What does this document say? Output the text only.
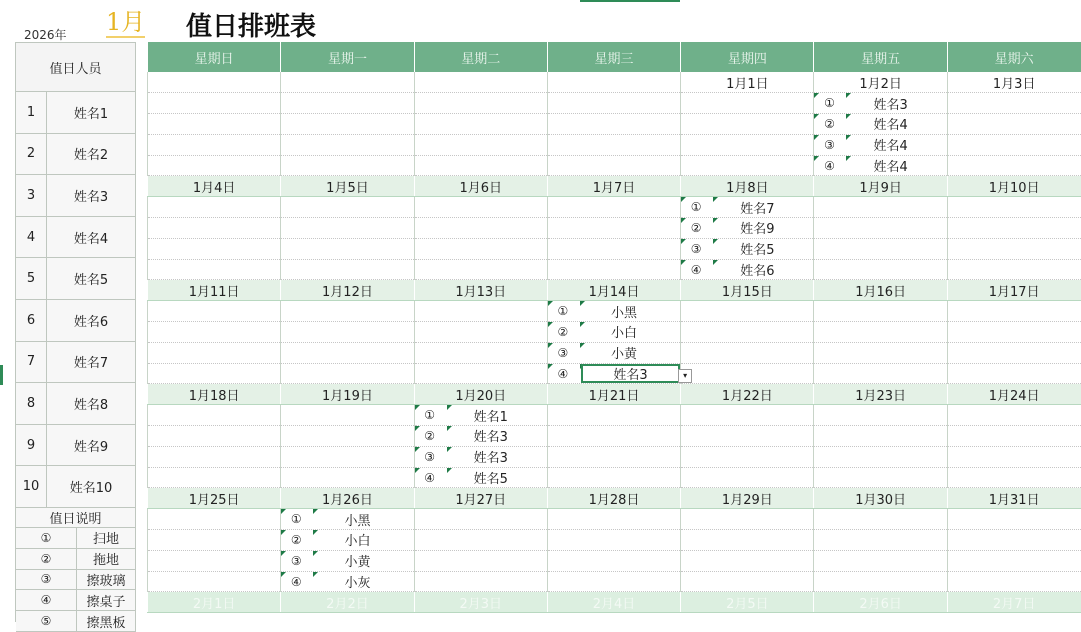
2026年 1月 值日排班表
值日人员
1	姓名1
2	姓名2
3	姓名3
4	姓名4
5	姓名5
6	姓名6
7	姓名7
8	姓名8
9	姓名9
10	姓名10
值日说明
①	扫地
②	拖地
③	擦玻璃
④	擦桌子
⑤	擦黑板
星期日	星期一	星期二	星期三	星期四	星期五	星期六
				1月1日	1月2日	1月3日

					① 姓名3	

					② 姓名4	

					③ 姓名4	

					④ 姓名4	

1月4日	1月5日	1月6日	1月7日	1月8日	1月9日	1月10日

				① 姓名7		

				② 姓名9		

				③ 姓名5		

				④ 姓名6		

1月11日	1月12日	1月13日	1月14日	1月15日	1月16日	1月17日

			① 小黑			

			② 小白			

			③ 小黄			

			④ 姓名3 ▾			

1月18日	1月19日	1月20日	1月21日	1月22日	1月23日	1月24日

		① 姓名1				

		② 姓名3				

		③ 姓名3				

		④ 姓名5				

1月25日	1月26日	1月27日	1月28日	1月29日	1月30日	1月31日

	① 小黑					

	② 小白					

	③ 小黄					

	④ 小灰					

2月1日	2月2日	2月3日	2月4日	2月5日	2月6日	2月7日
